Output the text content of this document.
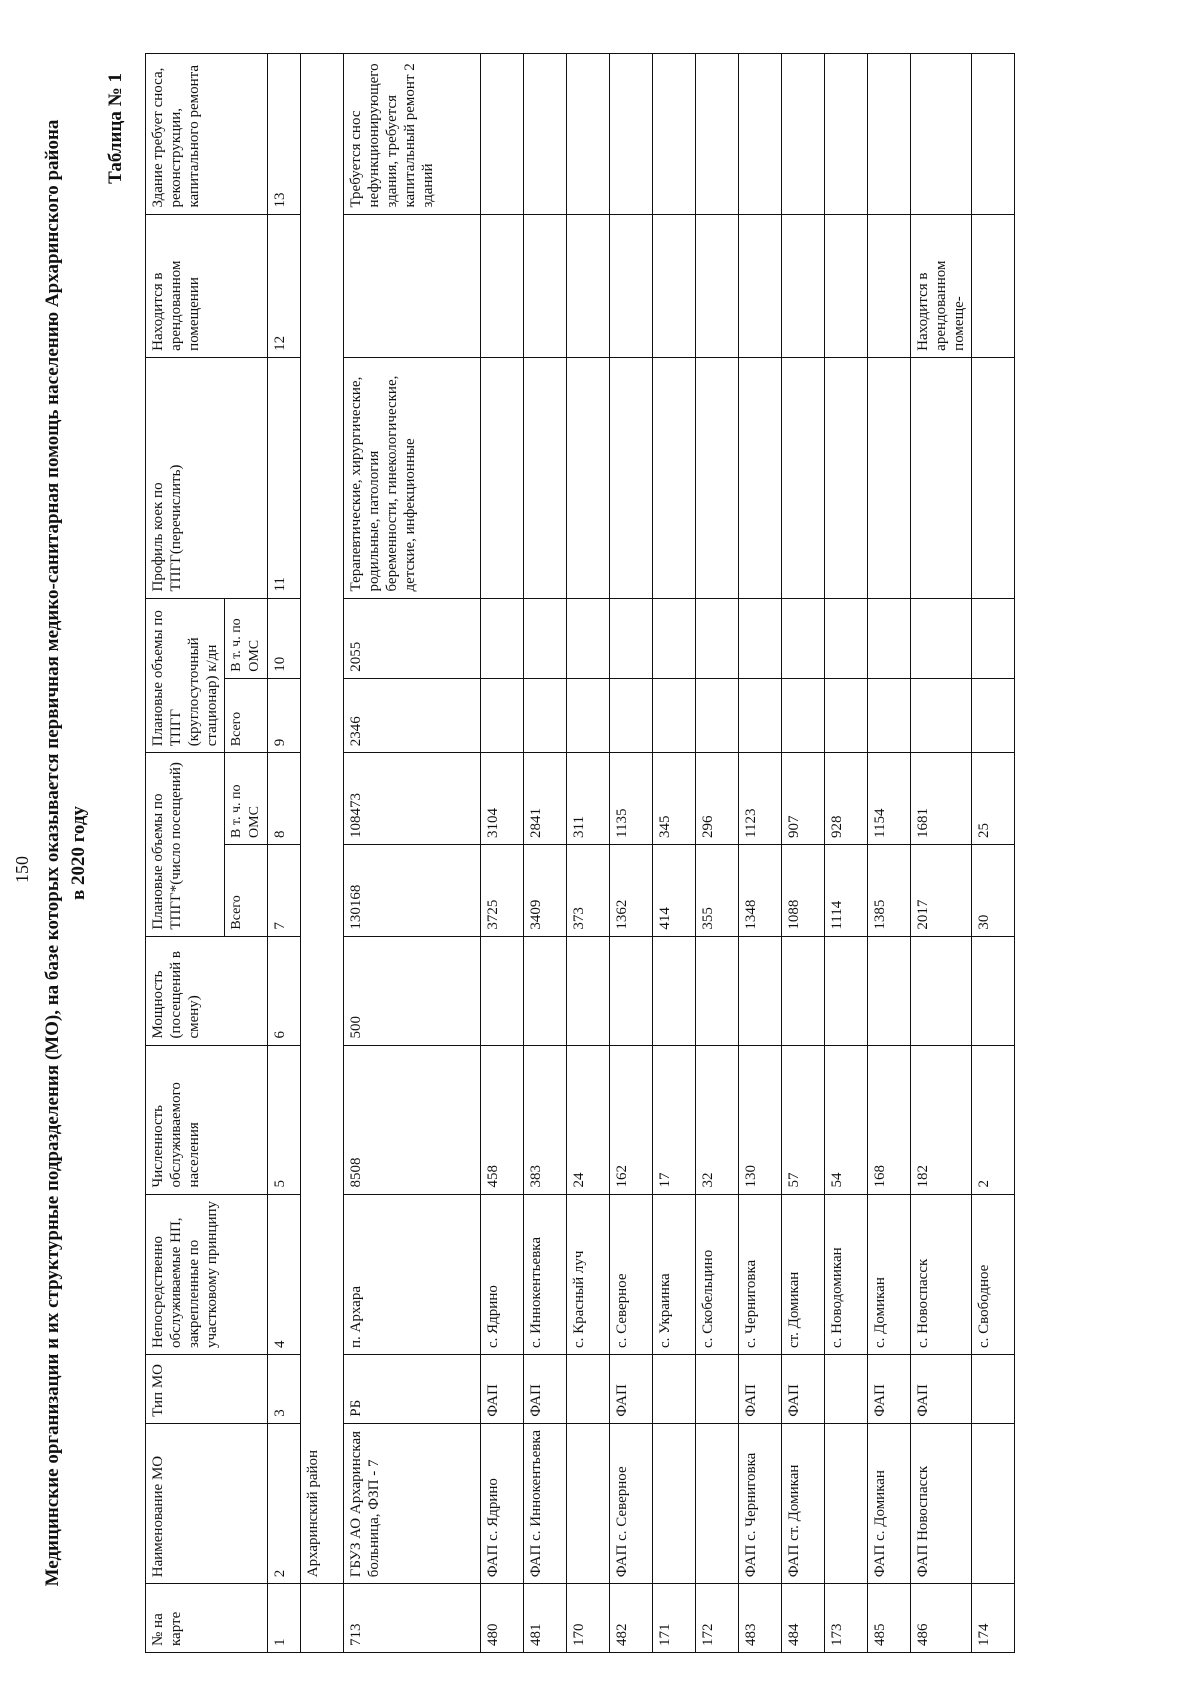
150 Медицинские организации и их структурные подразделения (МО), на базе которых оказывается первичная медико-санитарная помощь населению Архаринского района в 2020 году
Таблица № 1
№ на карте	Наименование МО	Тип МО	Непосредственно обслуживаемые НП, закрепленные по участковому принципу	Численность обслуживаемого населения	Мощность (посещений в смену)	Плановые объемы по ТПГГ*(число посещений)		Плановые объемы по ТПГГ (круглосуточный стационар) к/дн		Профиль коек по ТПГГ(перечислить)	Находится в арендованном помещении	Здание требует сноса, реконструкции, капитального ремонта
						Всего	В т. ч. по ОМС	Всего	В т. ч. по ОМС			
1	2	3	4	5	6	7	8	9	10	11	12	13
	Архаринский район											
713	ГБУЗ АО Архаринская больница, ФЗП - 7	РБ	п. Архара	8508	500	130168	108473	2346	2055	Терапевтические, хирургические, родильные, патология беременности, гинекологические, детские, инфекционные		Требуется снос нефункционирующего здания, требуется капитальный ремонт 2 зданий
480	ФАП с. Ядрино	ФАП	с. Ядрино	458		3725	3104					
481	ФАП с. Иннокентьевка	ФАП	с. Иннокентьевка	383		3409	2841					
170			с. Красный луч	24		373	311					
482	ФАП с. Северное	ФАП	с. Северное	162		1362	1135					
171			с. Украинка	17		414	345					
172			с. Скобельцино	32		355	296					
483	ФАП с. Черниговка	ФАП	с. Черниговка	130		1348	1123					
484	ФАП ст. Домикан	ФАП	ст. Домикан	57		1088	907					
173			с. Новодомикан	54		1114	928					
485	ФАП с. Домикан	ФАП	с. Домикан	168		1385	1154					
486	ФАП Новоспасск	ФАП	с. Новоспасск	182		2017	1681				Находится в арендованном помеще-	
174			с. Свободное	2		30	25					
